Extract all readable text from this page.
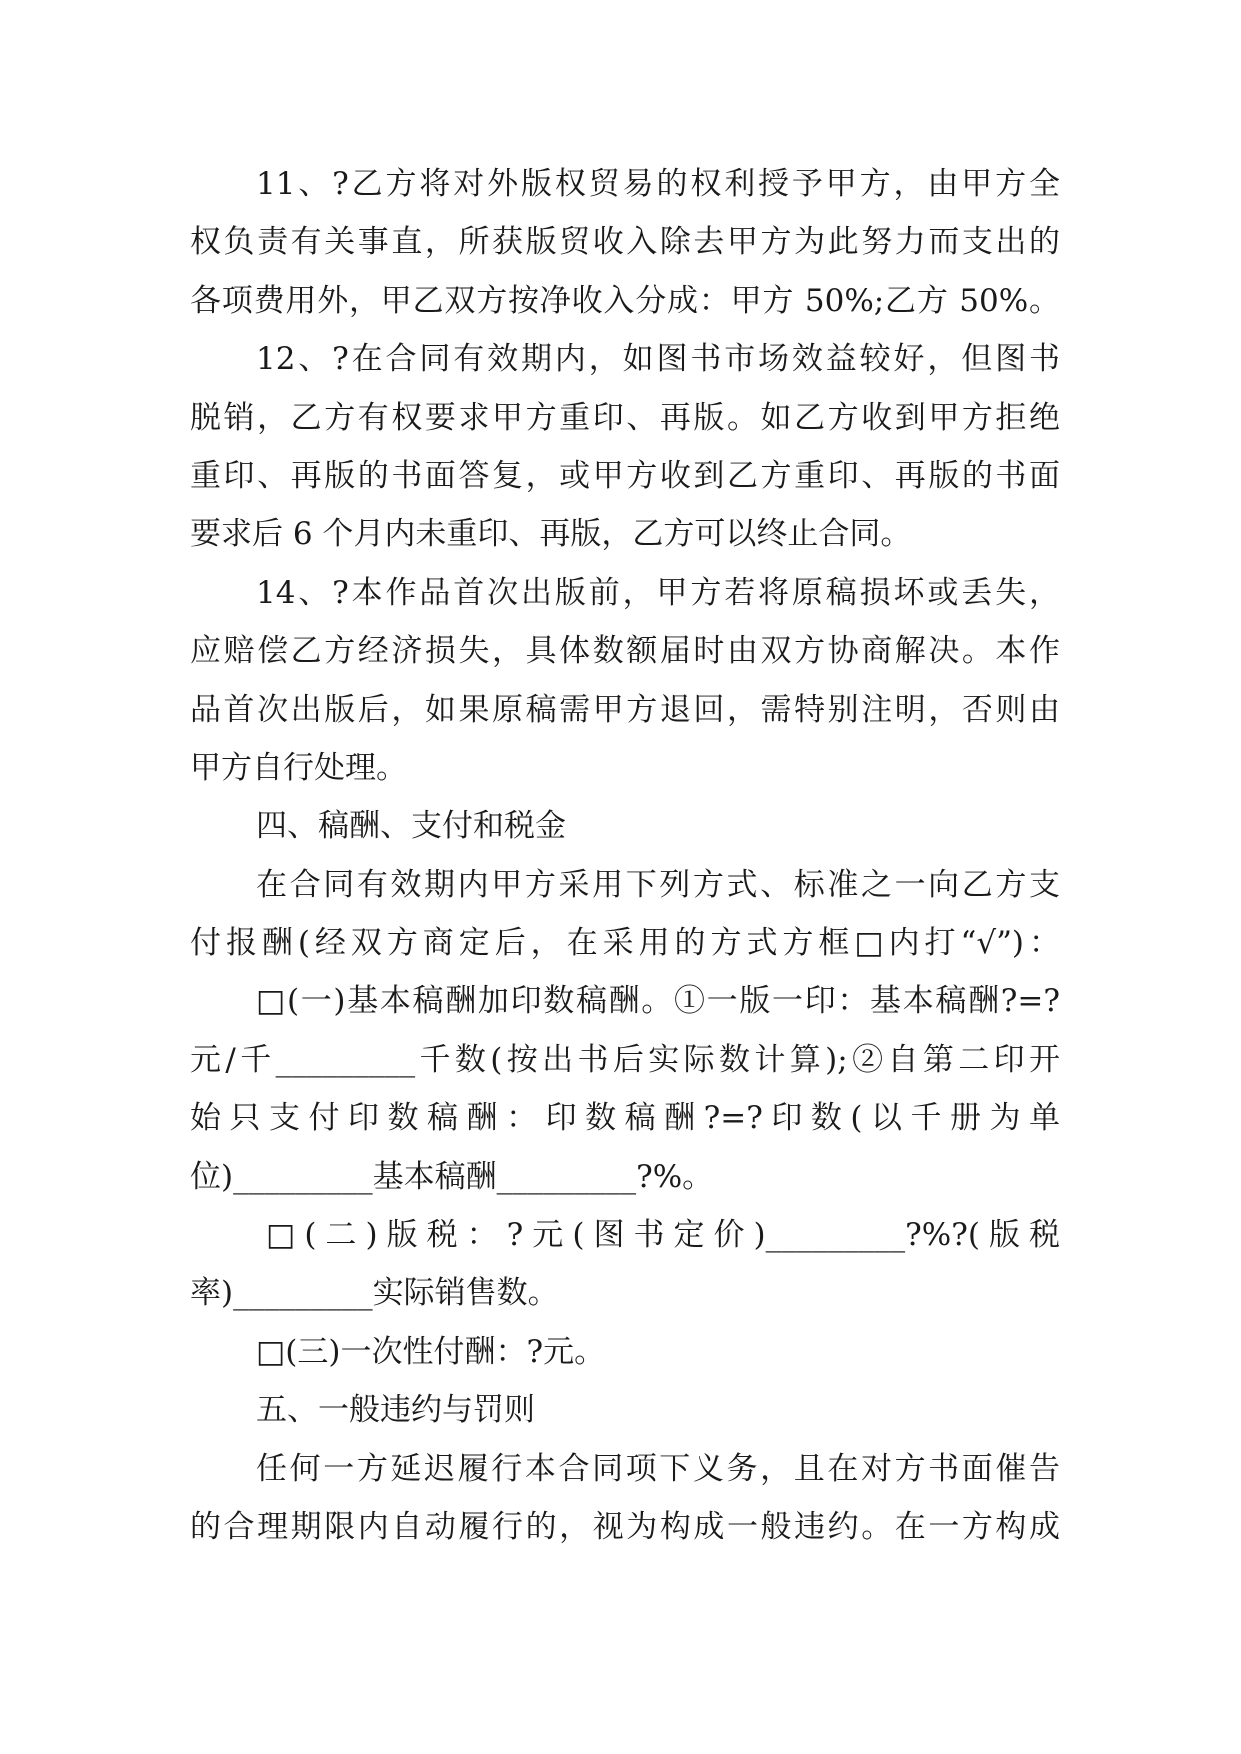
11、?乙方将对外版权贸易的权利授予甲方，由甲方全
权负责有关事直，所获版贸收入除去甲方为此努力而支出的
各项费用外，甲乙双方按净收入分成：甲方 50%;乙方 50%。
12、?在合同有效期内，如图书市场效益较好，但图书
脱销，乙方有权要求甲方重印、再版。如乙方收到甲方拒绝
重印、再版的书面答复，或甲方收到乙方重印、再版的书面
要求后 6 个月内未重印、再版，乙方可以终止合同。
14、?本作品首次出版前，甲方若将原稿损坏或丢失，
应赔偿乙方经济损失，具体数额届时由双方协商解决。本作
品首次出版后，如果原稿需甲方退回，需特别注明，否则由
甲方自行处理。
四、稿酬、支付和税金
在合同有效期内甲方采用下列方式、标准之一向乙方支
付报酬(经双方商定后，在采用的方式方框□内打“√”)：
□(一)基本稿酬加印数稿酬。①一版一印：基本稿酬?=?
元/千_________千数(按出书后实际数计算);②自第二印开
始只支付印数稿酬：印数稿酬?=?印数(以千册为单
位)_________基本稿酬_________?%。
□(二)版税：?元(图书定价)_________?%?(版税
率)_________实际销售数。
□(三)一次性付酬：?元。
五、一般违约与罚则
任何一方延迟履行本合同项下义务，且在对方书面催告
的合理期限内自动履行的，视为构成一般违约。在一方构成
